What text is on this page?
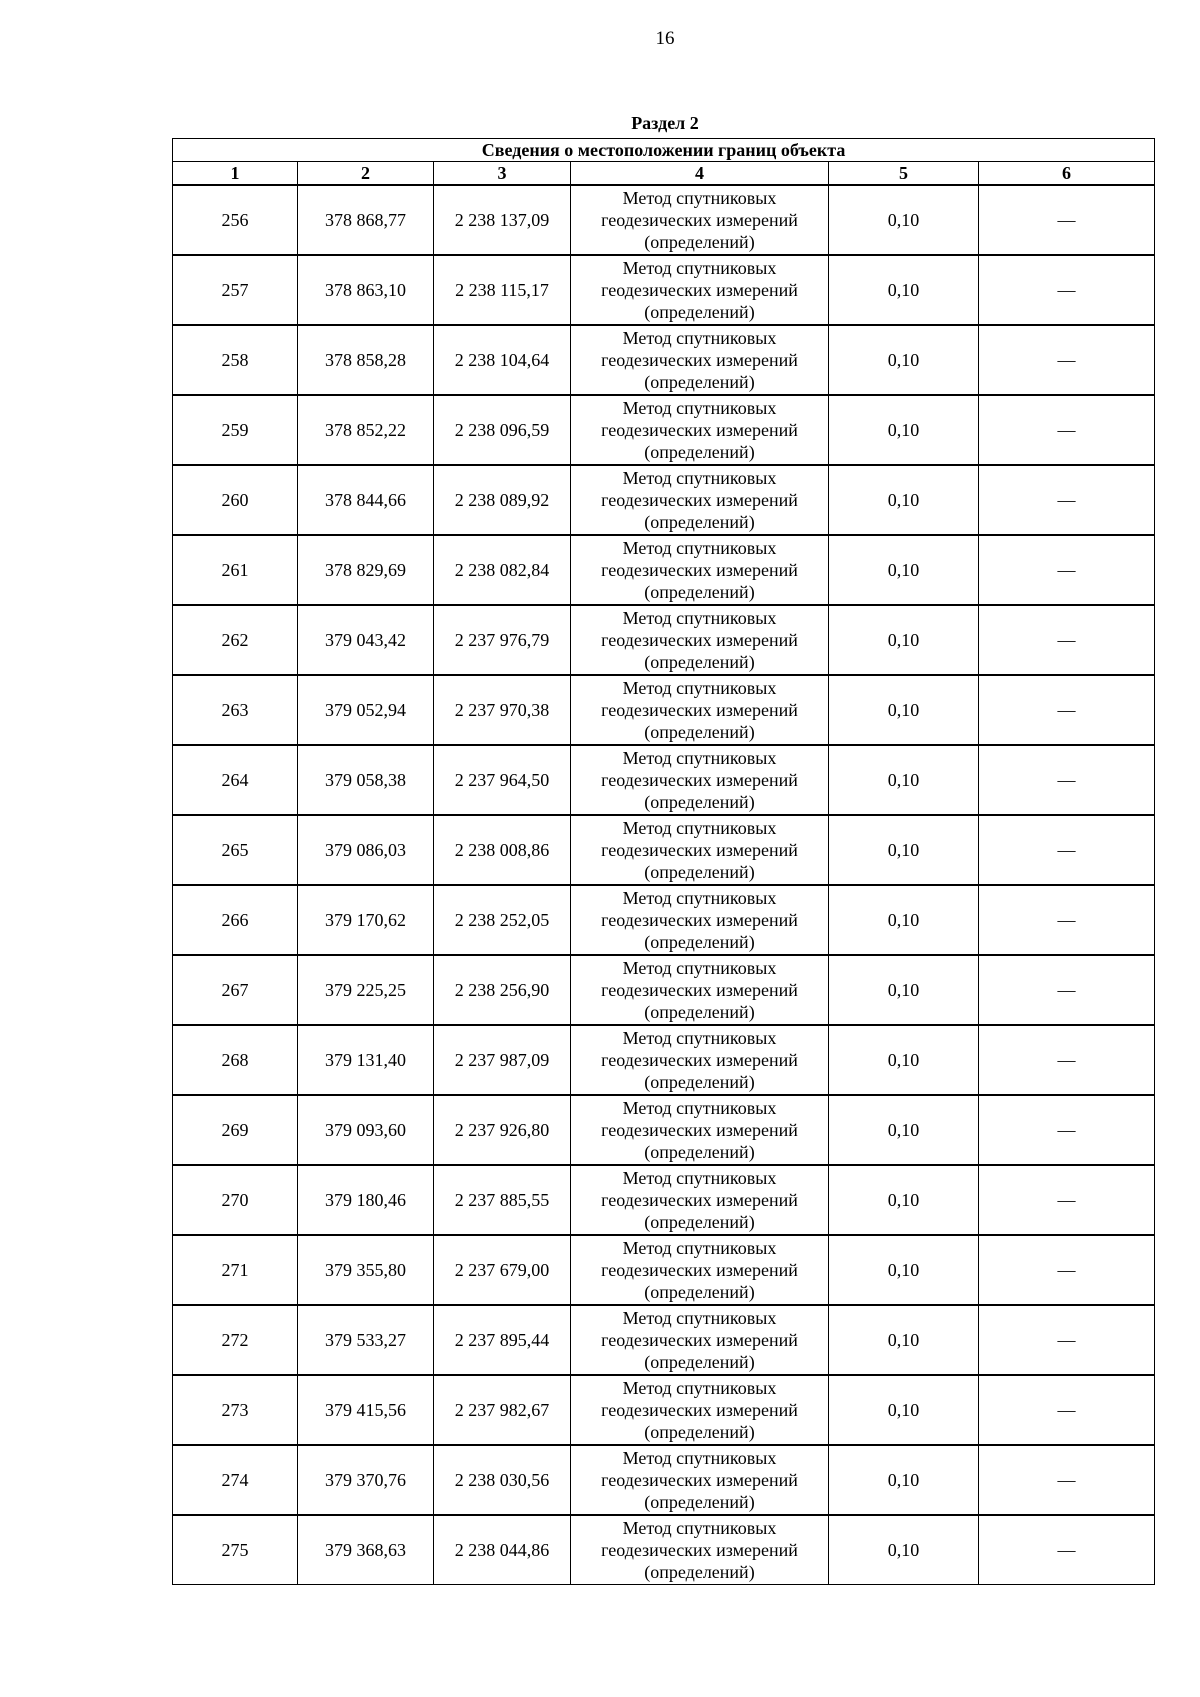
16
Раздел 2
Сведения о местоположении границ объекта					
1	2	3	4	5	6
256	378 868,77	2 238 137,09	Метод спутниковых
геодезических измерений
(определений)	0,10	—
257	378 863,10	2 238 115,17	Метод спутниковых
геодезических измерений
(определений)	0,10	—
258	378 858,28	2 238 104,64	Метод спутниковых
геодезических измерений
(определений)	0,10	—
259	378 852,22	2 238 096,59	Метод спутниковых
геодезических измерений
(определений)	0,10	—
260	378 844,66	2 238 089,92	Метод спутниковых
геодезических измерений
(определений)	0,10	—
261	378 829,69	2 238 082,84	Метод спутниковых
геодезических измерений
(определений)	0,10	—
262	379 043,42	2 237 976,79	Метод спутниковых
геодезических измерений
(определений)	0,10	—
263	379 052,94	2 237 970,38	Метод спутниковых
геодезических измерений
(определений)	0,10	—
264	379 058,38	2 237 964,50	Метод спутниковых
геодезических измерений
(определений)	0,10	—
265	379 086,03	2 238 008,86	Метод спутниковых
геодезических измерений
(определений)	0,10	—
266	379 170,62	2 238 252,05	Метод спутниковых
геодезических измерений
(определений)	0,10	—
267	379 225,25	2 238 256,90	Метод спутниковых
геодезических измерений
(определений)	0,10	—
268	379 131,40	2 237 987,09	Метод спутниковых
геодезических измерений
(определений)	0,10	—
269	379 093,60	2 237 926,80	Метод спутниковых
геодезических измерений
(определений)	0,10	—
270	379 180,46	2 237 885,55	Метод спутниковых
геодезических измерений
(определений)	0,10	—
271	379 355,80	2 237 679,00	Метод спутниковых
геодезических измерений
(определений)	0,10	—
272	379 533,27	2 237 895,44	Метод спутниковых
геодезических измерений
(определений)	0,10	—
273	379 415,56	2 237 982,67	Метод спутниковых
геодезических измерений
(определений)	0,10	—
274	379 370,76	2 238 030,56	Метод спутниковых
геодезических измерений
(определений)	0,10	—
275	379 368,63	2 238 044,86	Метод спутниковых
геодезических измерений
(определений)	0,10	—
